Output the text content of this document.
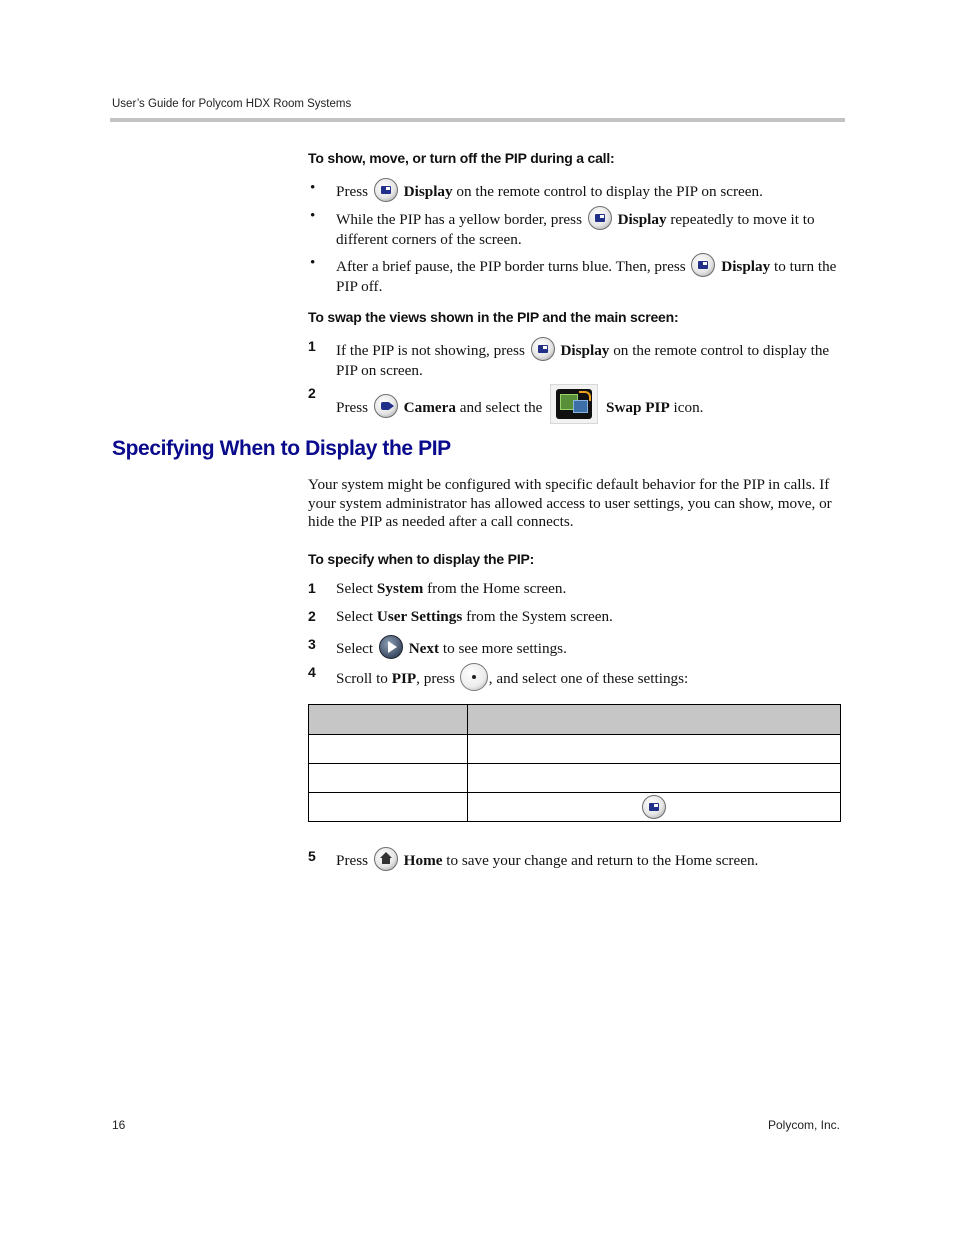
User’s Guide for Polycom HDX Room Systems
To show, move, or turn off the PIP during a call:
• Press Display on the remote control to display the PIP on screen.
• While the PIP has a yellow border, press Display repeatedly to move it to different corners of the screen.
• After a brief pause, the PIP border turns blue. Then, press Display to turn the PIP off.
To swap the views shown in the PIP and the main screen:
1 If the PIP is not showing, press Display on the remote control to display the PIP on screen.
2
Press Camera and select the	Swap PIP icon.
Specifying When to Display the PIP
Your system might be configured with specific default behavior for the PIP in calls. If your system administrator has allowed access to user settings, you can show, move, or hide the PIP as needed after a call connects.
To specify when to display the PIP:
1 Select System from the Home screen.
2 Select User Settings from the System screen.
3 Select Next to see more settings.
4 Scroll to PIP, press , and select one of these settings:

5 Press Home to save your change and return to the Home screen.
16	Polycom, Inc.
